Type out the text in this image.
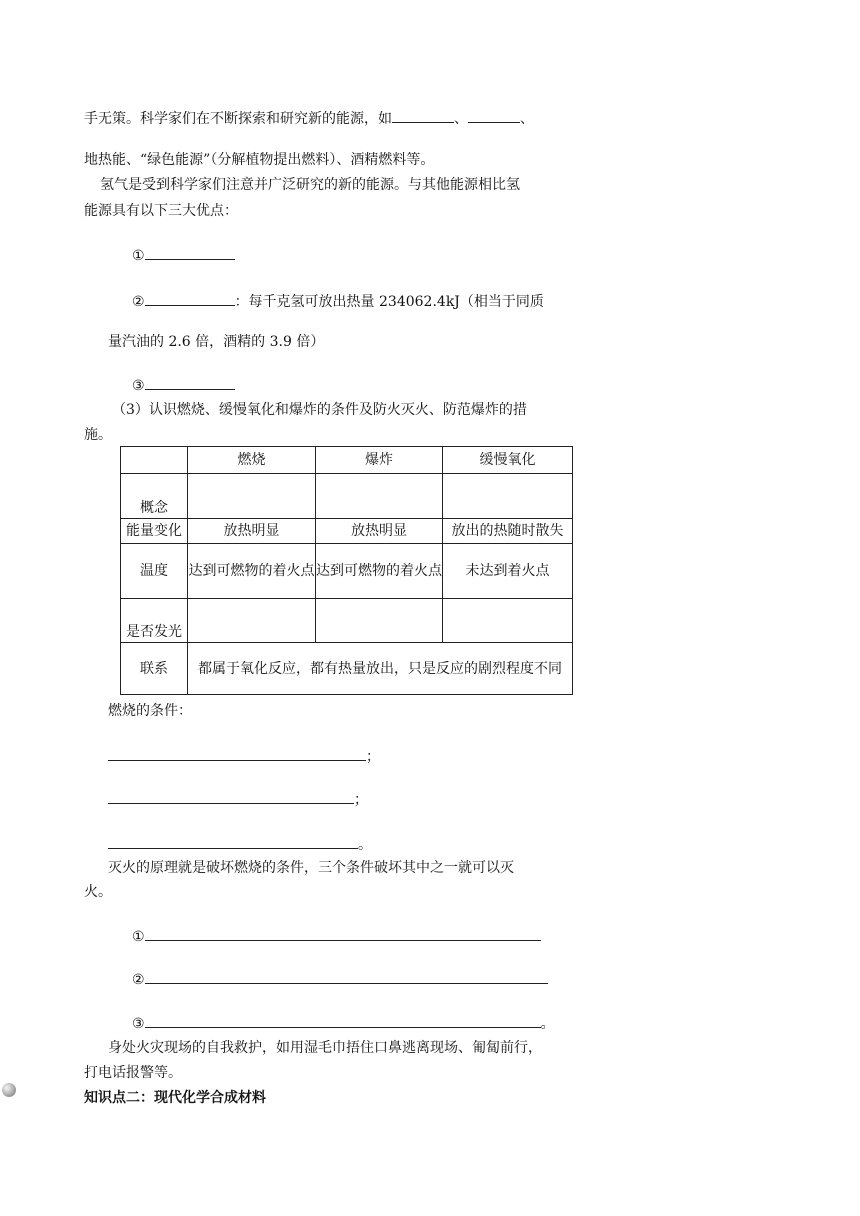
手无策。科学家们在不断探索和研究新的能源，如	、	、
地热能、“绿色能源”（分解植物提出燃料）、酒精燃料等。
氢气是受到科学家们注意并广泛研究的新的能源。与其他能源相比氢
能源具有以下三大优点：
①
②	：每千克氢可放出热量 234062.4kJ（相当于同质
量汽油的 2.6 倍，酒精的 3.9 倍）
③
（3）认识燃烧、缓慢氧化和爆炸的条件及防火灭火、防范爆炸的措
施。
	燃烧	爆炸	缓慢氧化
概念			
能量变化	放热明显	放热明显	放出的热随时散失
温度	达到可燃物的着火点	达到可燃物的着火点	未达到着火点
是否发光			
联系	都属于氧化反应，都有热量放出，只是反应的剧烈程度不同		
燃烧的条件：
；
；
。
灭火的原理就是破坏燃烧的条件，三个条件破坏其中之一就可以灭
火。
①
②
③	。
身处火灾现场的自我救护，如用湿毛巾捂住口鼻逃离现场、匍匐前行，
打电话报警等。
知识点二：现代化学合成材料
